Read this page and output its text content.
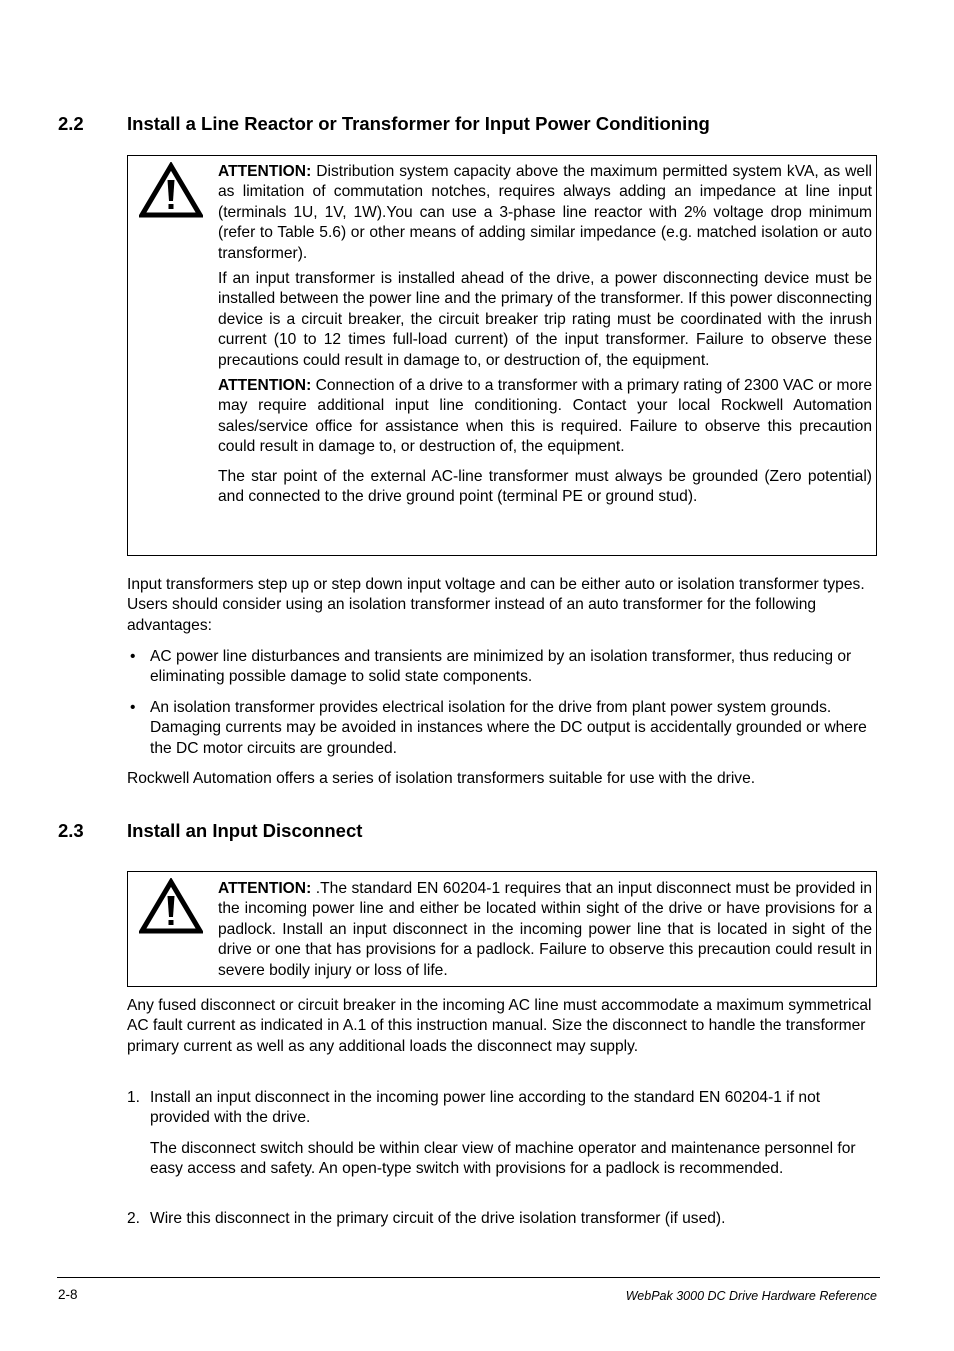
2.2 Install a Line Reactor or Transformer for Input Power Conditioning

ATTENTION: Distribution system capacity above the maximum permitted system kVA, as well as limitation of commutation notches, requires always adding an impedance at line input (terminals 1U, 1V, 1W).You can use a 3-phase line reactor with 2% voltage drop minimum (refer to Table 5.6) or other means of adding similar impedance (e.g. matched isolation or auto transformer).

If an input transformer is installed ahead of the drive, a power disconnecting device must be installed between the power line and the primary of the transformer. If this power disconnecting device is a circuit breaker, the circuit breaker trip rating must be coordinated with the inrush current (10 to 12 times full-load current) of the input transformer. Failure to observe these precautions could result in damage to, or destruction of, the equipment.

ATTENTION: Connection of a drive to a transformer with a primary rating of 2300 VAC or more may require additional input line conditioning. Contact your local Rockwell Automation sales/service office for assistance when this is required. Failure to observe this precaution could result in damage to, or destruction of, the equipment.

The star point of the external AC-line transformer must always be grounded (Zero potential) and connected to the drive ground point (terminal PE or ground stud).

Input transformers step up or step down input voltage and can be either auto or isolation transformer types. Users should consider using an isolation transformer instead of an auto transformer for the following advantages:

• AC power line disturbances and transients are minimized by an isolation transformer, thus reducing or eliminating possible damage to solid state components.
• An isolation transformer provides electrical isolation for the drive from plant power system grounds. Damaging currents may be avoided in instances where the DC output is accidentally grounded or where the DC motor circuits are grounded.

Rockwell Automation offers a series of isolation transformers suitable for use with the drive.

2.3 Install an Input Disconnect

ATTENTION: .The standard EN 60204-1 requires that an input disconnect must be provided in the incoming power line and either be located within sight of the drive or have provisions for a padlock. Install an input disconnect in the incoming power line that is located in sight of the drive or one that has provisions for a padlock. Failure to observe this precaution could result in severe bodily injury or loss of life.

Any fused disconnect or circuit breaker in the incoming AC line must accommodate a maximum symmetrical AC fault current as indicated in A.1 of this instruction manual. Size the disconnect to handle the transformer primary current as well as any additional loads the disconnect may supply.

1. Install an input disconnect in the incoming power line according to the standard EN 60204-1 if not provided with the drive.
The disconnect switch should be within clear view of machine operator and maintenance personnel for easy access and safety. An open-type switch with provisions for a padlock is recommended.
2. Wire this disconnect in the primary circuit of the drive isolation transformer (if used).
2-8	WebPak 3000 DC Drive Hardware Reference
